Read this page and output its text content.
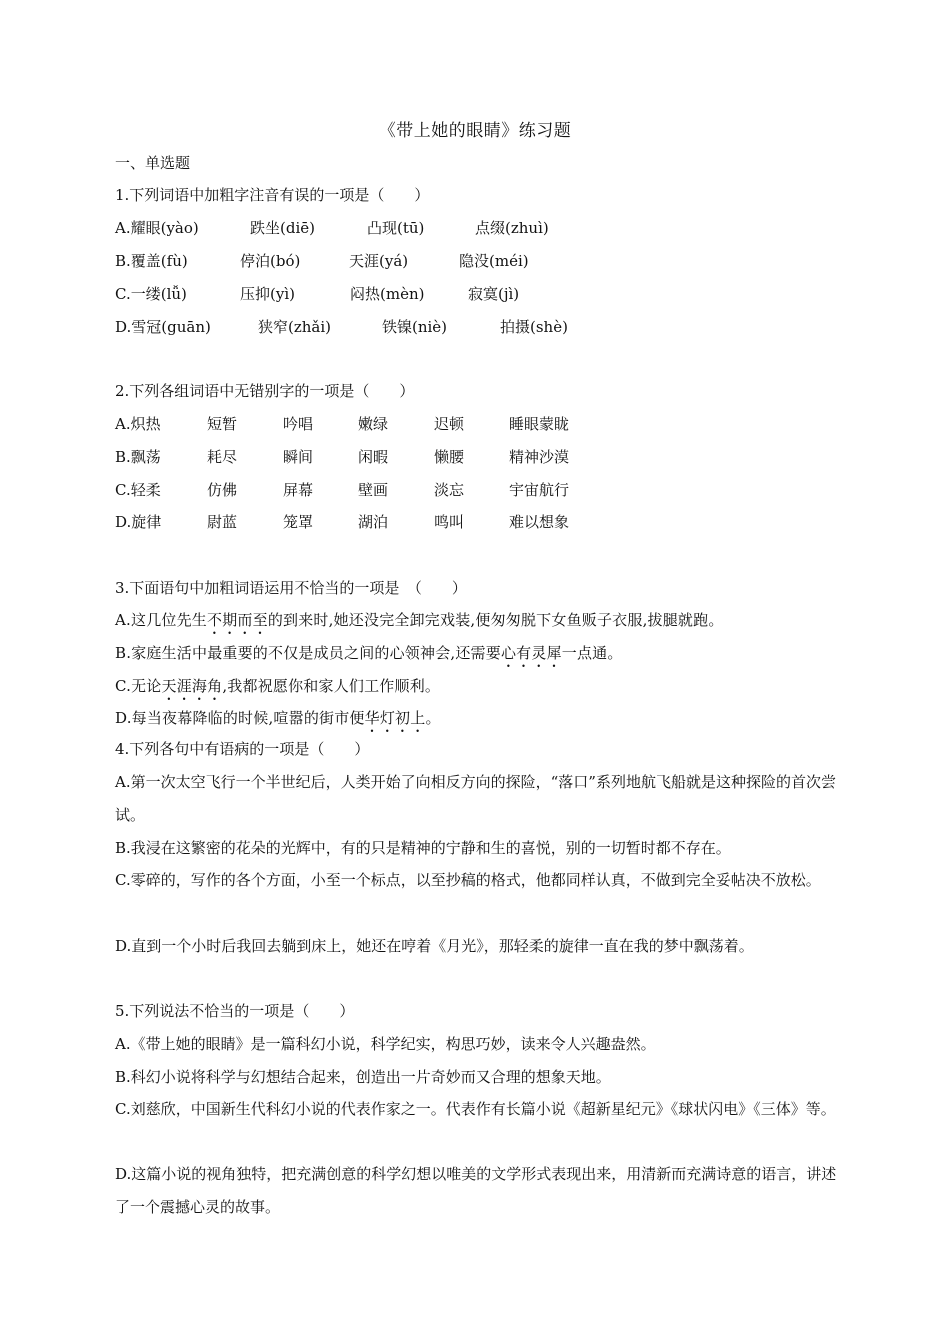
《带上她的眼睛》练习题
一、单选题
1.下列词语中加粗字注音有误的一项是（　　）
A.耀眼(yào)	跌坐(diē)	凸现(tū)	点缀(zhuì)
B.覆盖(fù)	停泊(bó)	天涯(yá)	隐没(méi)
C.一缕(lǚ)	压抑(yì)	闷热(mèn)	寂寞(jì)
D.雪冠(guān)	狭窄(zhǎi)	铁镍(niè)	拍摄(shè)
2.下列各组词语中无错别字的一项是（　　）
A.炽热	短暂	吟唱	嫩绿	迟顿	睡眼蒙眬
B.飘荡	耗尽	瞬间	闲暇	懒腰	精神沙漠
C.轻柔	仿佛	屏幕	壁画	淡忘	宇宙航行
D.旋律	尉蓝	笼罩	湖泊	鸣叫	难以想象
3.下面语句中加粗词语运用不恰当的一项是　（　　）
A.这几位先生不期而至的到来时,她还没完全卸完戏装,便匆匆脱下女鱼贩子衣服,拔腿就跑。
B.家庭生活中最重要的不仅是成员之间的心领神会,还需要心有灵犀一点通。
C.无论天涯海角,我都祝愿你和家人们工作顺利。
D.每当夜幕降临的时候,喧嚣的街市便华灯初上。
4.下列各句中有语病的一项是（　　）
A.第一次太空飞行一个半世纪后，人类开始了向相反方向的探险，“落口”系列地航飞船就是这种探险的首次尝试。
B.我浸在这繁密的花朵的光辉中，有的只是精神的宁静和生的喜悦，别的一切暂时都不存在。
C.零碎的，写作的各个方面，小至一个标点，以至抄稿的格式，他都同样认真，不做到完全妥帖决不放松。
D.直到一个小时后我回去躺到床上，她还在哼着《月光》，那轻柔的旋律一直在我的梦中飘荡着。
5.下列说法不恰当的一项是（　　）
A.《带上她的眼睛》是一篇科幻小说，科学纪实，构思巧妙，读来令人兴趣盎然。
B.科幻小说将科学与幻想结合起来，创造出一片奇妙而又合理的想象天地。
C.刘慈欣，中国新生代科幻小说的代表作家之一。代表作有长篇小说《超新星纪元》《球状闪电》《三体》等。
D.这篇小说的视角独特，把充满创意的科学幻想以唯美的文学形式表现出来，用清新而充满诗意的语言，讲述了一个震撼心灵的故事。
